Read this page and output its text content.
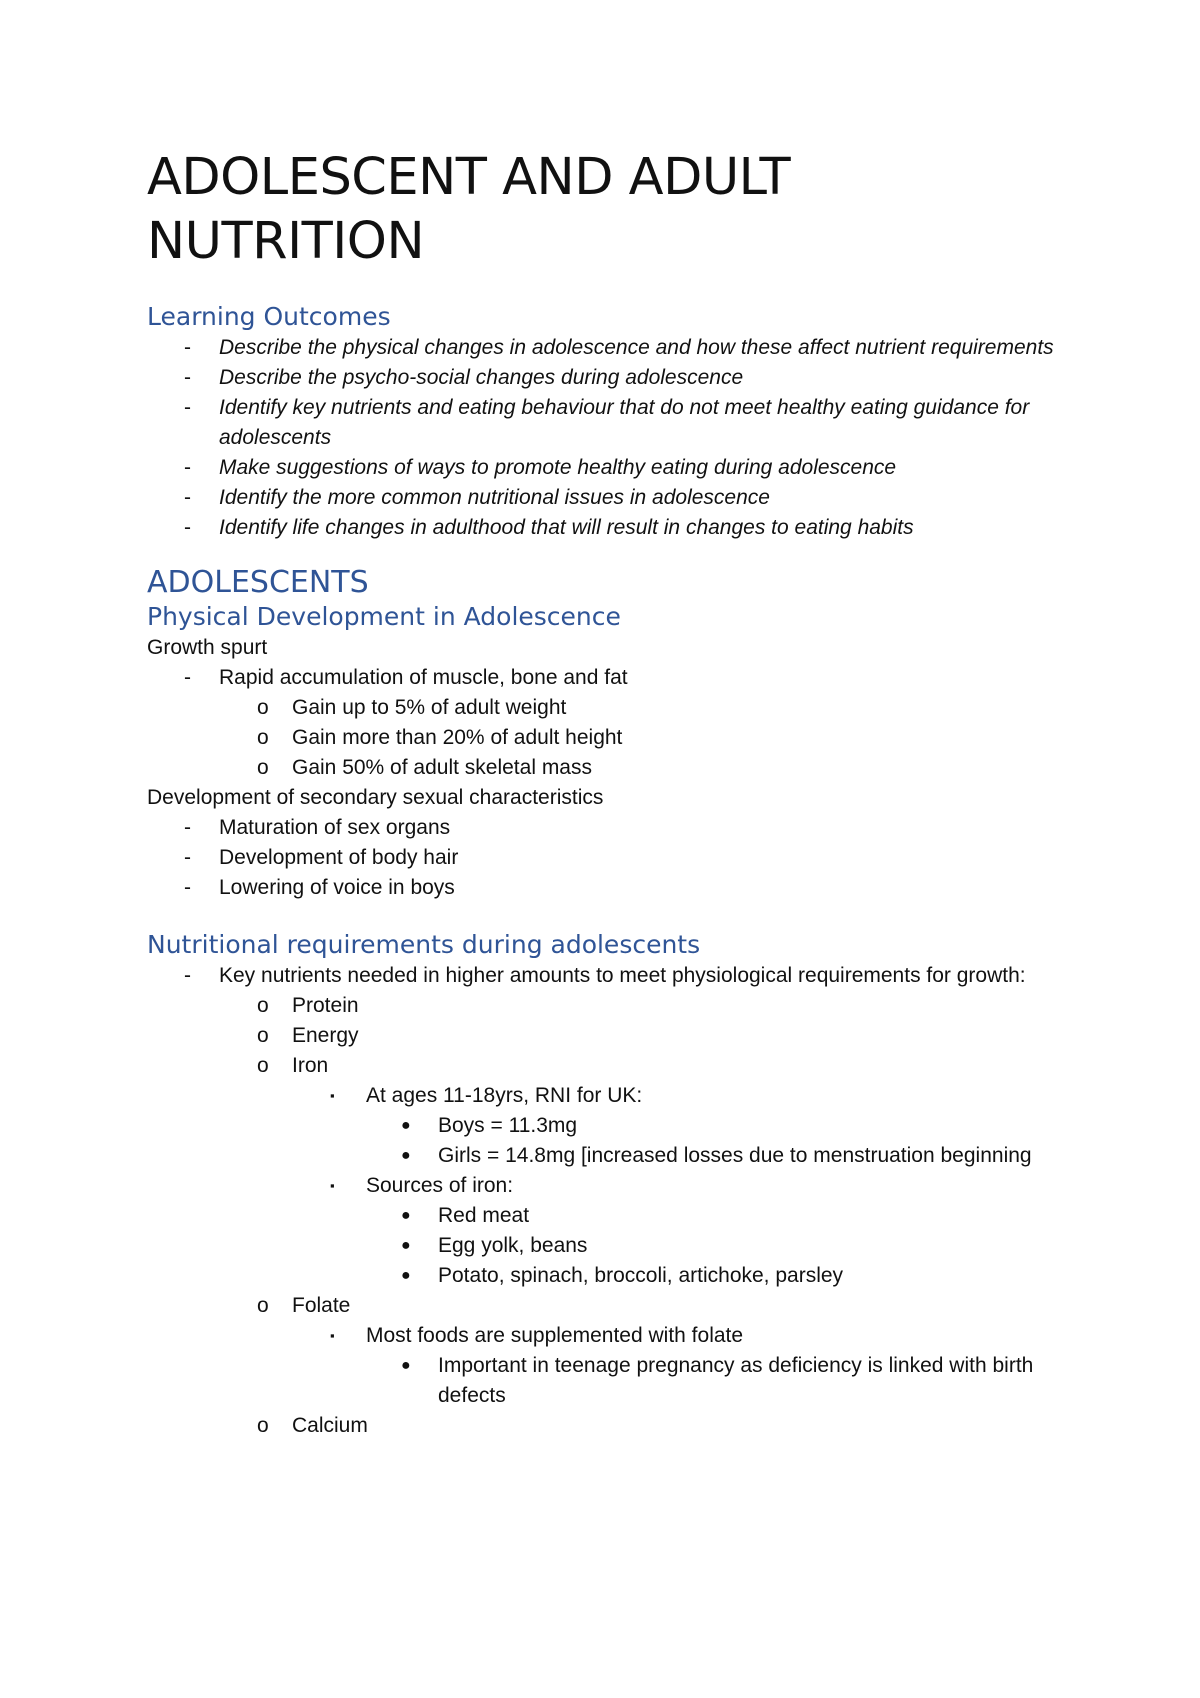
ADOLESCENT AND ADULT
NUTRITION
Learning Outcomes
-	Describe the physical changes in adolescence and how these affect nutrient requirements
-	Describe the psycho-social changes during adolescence
-	Identify key nutrients and eating behaviour that do not meet healthy eating guidance for adolescents
-	Make suggestions of ways to promote healthy eating during adolescence
-	Identify the more common nutritional issues in adolescence
-	Identify life changes in adulthood that will result in changes to eating habits
ADOLESCENTS
Physical Development in Adolescence
Growth spurt
-	Rapid accumulation of muscle, bone and fat
o	Gain up to 5% of adult weight
o	Gain more than 20% of adult height
o	Gain 50% of adult skeletal mass
Development of secondary sexual characteristics
-	Maturation of sex organs
-	Development of body hair
-	Lowering of voice in boys
Nutritional requirements during adolescents
-	Key nutrients needed in higher amounts to meet physiological requirements for growth:
o	Protein
o	Energy
o	Iron
▪	At ages 11-18yrs, RNI for UK:
●	Boys = 11.3mg
●	Girls = 14.8mg [increased losses due to menstruation beginning
▪	Sources of iron:
●	Red meat
●	Egg yolk, beans
●	Potato, spinach, broccoli, artichoke, parsley
o	Folate
▪	Most foods are supplemented with folate
●	Important in teenage pregnancy as deficiency is linked with birth defects
o	Calcium
